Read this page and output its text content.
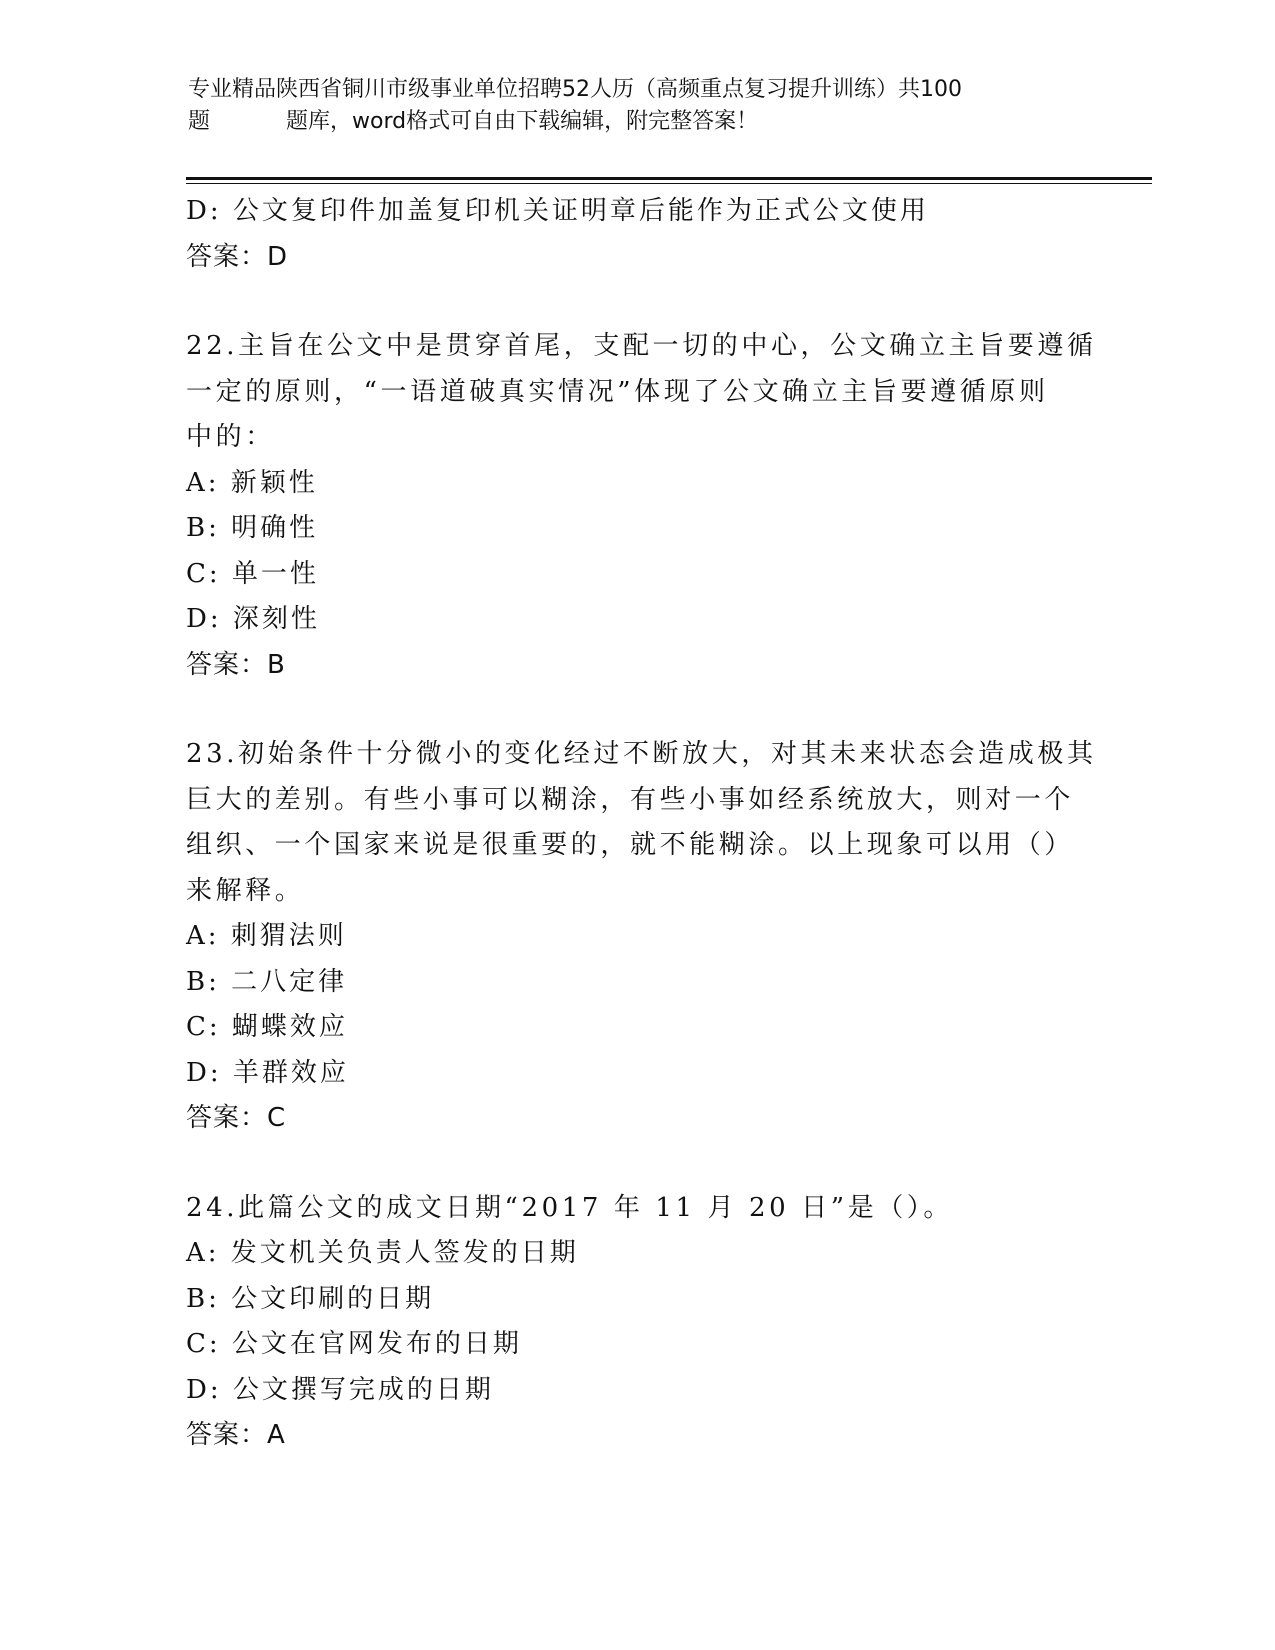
专业精品陕西省铜川市级事业单位招聘52人历（高频重点复习提升训练）共100
题	题库，word格式可自由下载编辑，附完整答案！
D: 公文复印件加盖复印机关证明章后能作为正式公文使用
答案：D
22.主旨在公文中是贯穿首尾，支配一切的中心，公文确立主旨要遵循
一定的原则，“一语道破真实情况”体现了公文确立主旨要遵循原则
中的：
A: 新颖性
B: 明确性
C: 单一性
D: 深刻性
答案：B
23.初始条件十分微小的变化经过不断放大，对其未来状态会造成极其
巨大的差别。有些小事可以糊涂，有些小事如经系统放大，则对一个
组织、一个国家来说是很重要的，就不能糊涂。以上现象可以用（）
来解释。
A: 刺猬法则
B: 二八定律
C: 蝴蝶效应
D: 羊群效应
答案：C
24.此篇公文的成文日期“2017 年 11 月 20 日”是（）。
A: 发文机关负责人签发的日期
B: 公文印刷的日期
C: 公文在官网发布的日期
D: 公文撰写完成的日期
答案：A
